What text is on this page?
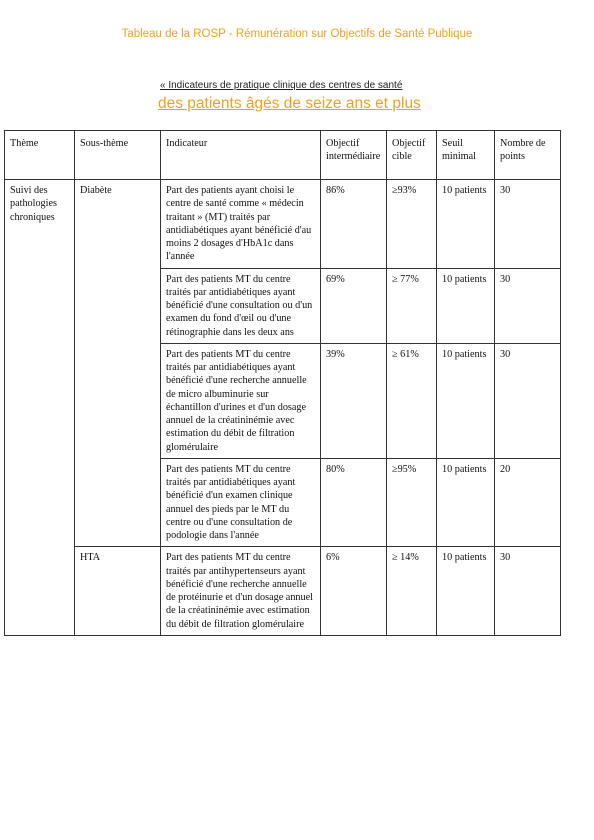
Tableau de la ROSP - Rémunération sur Objectifs de Santé Publique
« Indicateurs de pratique clinique des centres de santé
des patients âgés de seize ans et plus
Thème	Sous-thème	Indicateur	Objectif intermédiaire	Objectif cible	Seuil minimal	Nombre de points
Suivi des pathologies chroniques	Diabète	Part des patients ayant choisi le centre de santé comme « médecin traitant » (MT) traités par antidiabétiques ayant bénéficié d'au moins 2 dosages d'HbA1c dans l'année	86%	≥93%	10 patients	30
		Part des patients MT du centre traités par antidiabétiques ayant bénéficié d'une consultation ou d'un examen du fond d'œil ou d'une rétinographie dans les deux ans	69%	≥ 77%	10 patients	30
		Part des patients MT du centre traités par antidiabétiques ayant bénéficié d'une recherche annuelle de micro albuminurie sur échantillon d'urines et d'un dosage annuel de la créatininémie avec estimation du débit de filtration glomérulaire	39%	≥ 61%	10 patients	30
		Part des patients MT du centre traités par antidiabétiques ayant bénéficié d'un examen clinique annuel des pieds par le MT du centre ou d'une consultation de podologie dans l'année	80%	≥95%	10 patients	20
	HTA	Part des patients MT du centre traités par antihypertenseurs ayant bénéficié d'une recherche annuelle de protéinurie et d'un dosage annuel de la créatininémie avec estimation du débit de filtration glomérulaire	6%	≥ 14%	10 patients	30
